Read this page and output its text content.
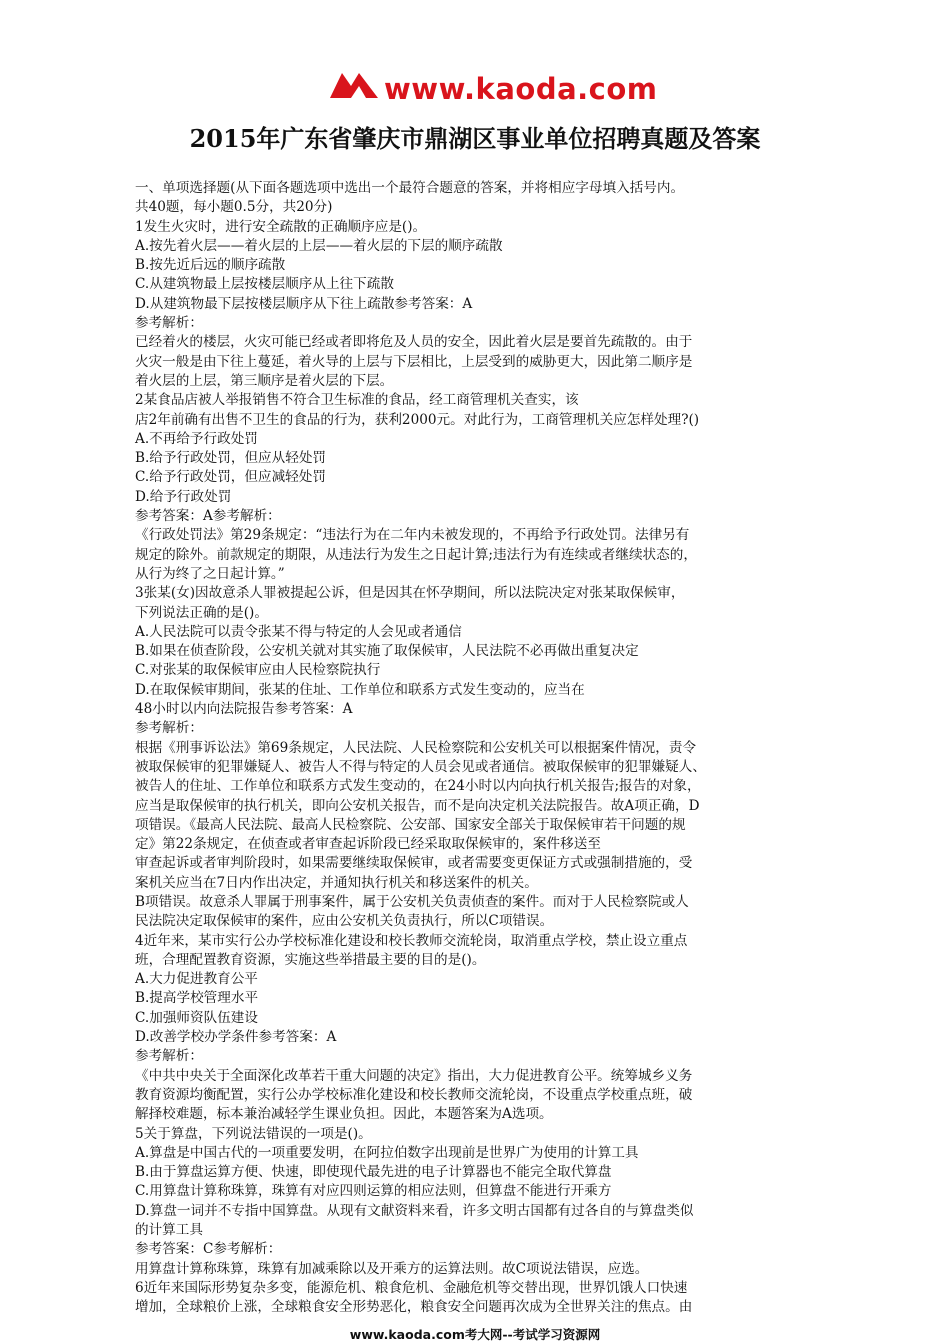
www.kaoda.com
2015年广东省肇庆市鼎湖区事业单位招聘真题及答案

一、单项选择题(从下面各题选项中选出一个最符合题意的答案，并将相应字母填入括号内。

共40题，每小题0.5分，共20分)

1发生火灾时，进行安全疏散的正确顺序应是()。

A.按先着火层——着火层的上层——着火层的下层的顺序疏散

B.按先近后远的顺序疏散

C.从建筑物最上层按楼层顺序从上往下疏散

D.从建筑物最下层按楼层顺序从下往上疏散参考答案：A

参考解析：

已经着火的楼层，火灾可能已经或者即将危及人员的安全，因此着火层是要首先疏散的。由于

火灾一般是由下往上蔓延，着火导的上层与下层相比，上层受到的威胁更大，因此第二顺序是

着火层的上层，第三顺序是着火层的下层。

2某食品店被人举报销售不符合卫生标准的食品，经工商管理机关查实，该

店2年前确有出售不卫生的食品的行为，获利2000元。对此行为，工商管理机关应怎样处理?()

A.不再给予行政处罚

B.给予行政处罚，但应从轻处罚

C.给予行政处罚，但应减轻处罚

D.给予行政处罚

参考答案：A参考解析：

《行政处罚法》第29条规定：“违法行为在二年内未被发现的，不再给予行政处罚。法律另有

规定的除外。前款规定的期限，从违法行为发生之日起计算;违法行为有连续或者继续状态的，

从行为终了之日起计算。”

3张某(女)因故意杀人罪被提起公诉，但是因其在怀孕期间，所以法院决定对张某取保候审，

下列说法正确的是()。

A.人民法院可以责令张某不得与特定的人会见或者通信

B.如果在侦查阶段，公安机关就对其实施了取保候审，人民法院不必再做出重复决定

C.对张某的取保候审应由人民检察院执行

D.在取保候审期间，张某的住址、工作单位和联系方式发生变动的，应当在

48小时以内向法院报告参考答案：A

参考解析：

根据《刑事诉讼法》第69条规定，人民法院、人民检察院和公安机关可以根据案件情况，责令

被取保候审的犯罪嫌疑人、被告人不得与特定的人员会见或者通信。被取保候审的犯罪嫌疑人、

被告人的住址、工作单位和联系方式发生变动的，在24小时以内向执行机关报告;报告的对象，

应当是取保候审的执行机关，即向公安机关报告，而不是向决定机关法院报告。故A项正确，D

项错误。《最高人民法院、最高人民检察院、公安部、国家安全部关于取保候审若干问题的规

定》第22条规定，在侦查或者审查起诉阶段已经采取取保候审的，案件移送至

审查起诉或者审判阶段时，如果需要继续取保候审，或者需要变更保证方式或强制措施的，受

案机关应当在7日内作出决定，并通知执行机关和移送案件的机关。

B项错误。故意杀人罪属于刑事案件，属于公安机关负责侦查的案件。而对于人民检察院或人

民法院决定取保候审的案件，应由公安机关负责执行，所以C项错误。

4近年来，某市实行公办学校标准化建设和校长教师交流轮岗，取消重点学校，禁止设立重点

班，合理配置教育资源，实施这些举措最主要的目的是()。

A.大力促进教育公平

B.提高学校管理水平

C.加强师资队伍建设

D.改善学校办学条件参考答案：A

参考解析：

《中共中央关于全面深化改革若干重大问题的决定》指出，大力促进教育公平。统筹城乡义务

教育资源均衡配置，实行公办学校标准化建设和校长教师交流轮岗，不设重点学校重点班，破

解择校难题，标本兼治减轻学生课业负担。因此，本题答案为A选项。

5关于算盘，下列说法错误的一项是()。

A.算盘是中国古代的一项重要发明，在阿拉伯数字出现前是世界广为使用的计算工具

B.由于算盘运算方便、快速，即使现代最先进的电子计算器也不能完全取代算盘

C.用算盘计算称珠算，珠算有对应四则运算的相应法则，但算盘不能进行开乘方

D.算盘一词并不专指中国算盘。从现有文献资料来看，许多文明古国都有过各自的与算盘类似

的计算工具

参考答案：C参考解析：

用算盘计算称珠算，珠算有加减乘除以及开乘方的运算法则。故C项说法错误，应选。

6近年来国际形势复杂多变，能源危机、粮食危机、金融危机等交替出现，世界饥饿人口快速

增加，全球粮价上涨，全球粮食安全形势恶化，粮食安全问题再次成为全世界关注的焦点。由

www.kaoda.com考大网--考试学习资源网
